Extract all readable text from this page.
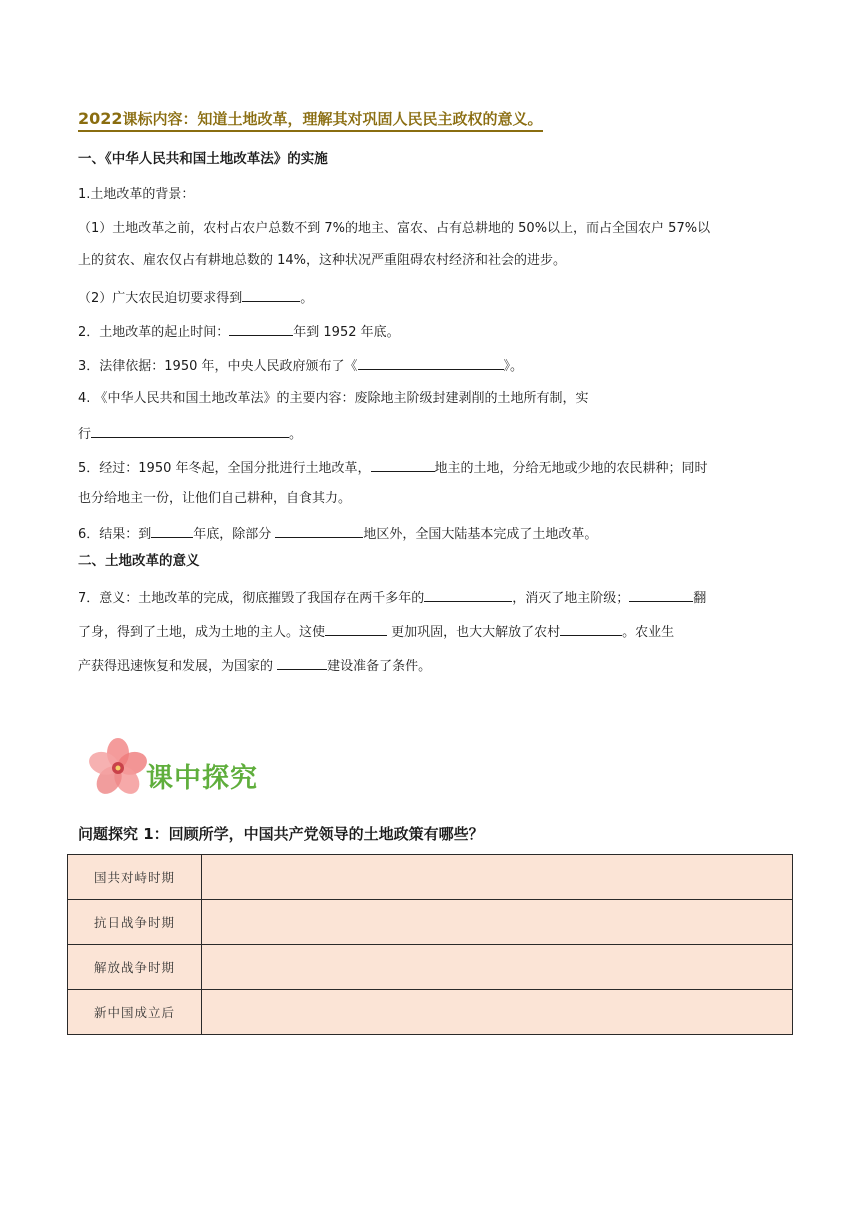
2022课标内容：知道土地改革，理解其对巩固人民民主政权的意义。
一、《中华人民共和国土地改革法》的实施
1.土地改革的背景：
（1）土地改革之前，农村占农户总数不到 7%的地主、富农、占有总耕地的 50%以上，而占全国农户 57%以
上的贫农、雇农仅占有耕地总数的 14%，这种状况严重阻碍农村经济和社会的进步。
（2）广大农民迫切要求得到	。
2．土地改革的起止时间：	年到 1952 年底。
3．法律依据：1950 年，中央人民政府颁布了《	》。
4. 《中华人民共和国土地改革法》的主要内容：废除地主阶级封建剥削的土地所有制，实
行	。
5．经过：1950 年冬起，全国分批进行土地改革，	地主的土地，分给无地或少地的农民耕种；同时
也分给地主一份，让他们自己耕种，自食其力。
6．结果：到	年底，除部分	地区外，全国大陆基本完成了土地改革。
二、土地改革的意义
7．意义：土地改革的完成，彻底摧毁了我国存在两千多年的	，消灭了地主阶级；	翻
了身，得到了土地，成为土地的主人。这使	更加巩固，也大大解放了农村	。农业生
产获得迅速恢复和发展，为国家的	建设准备了条件。
课中探究
问题探究 1：回顾所学，中国共产党领导的土地政策有哪些？
国共对峙时期	
抗日战争时期	
解放战争时期	
新中国成立后	
